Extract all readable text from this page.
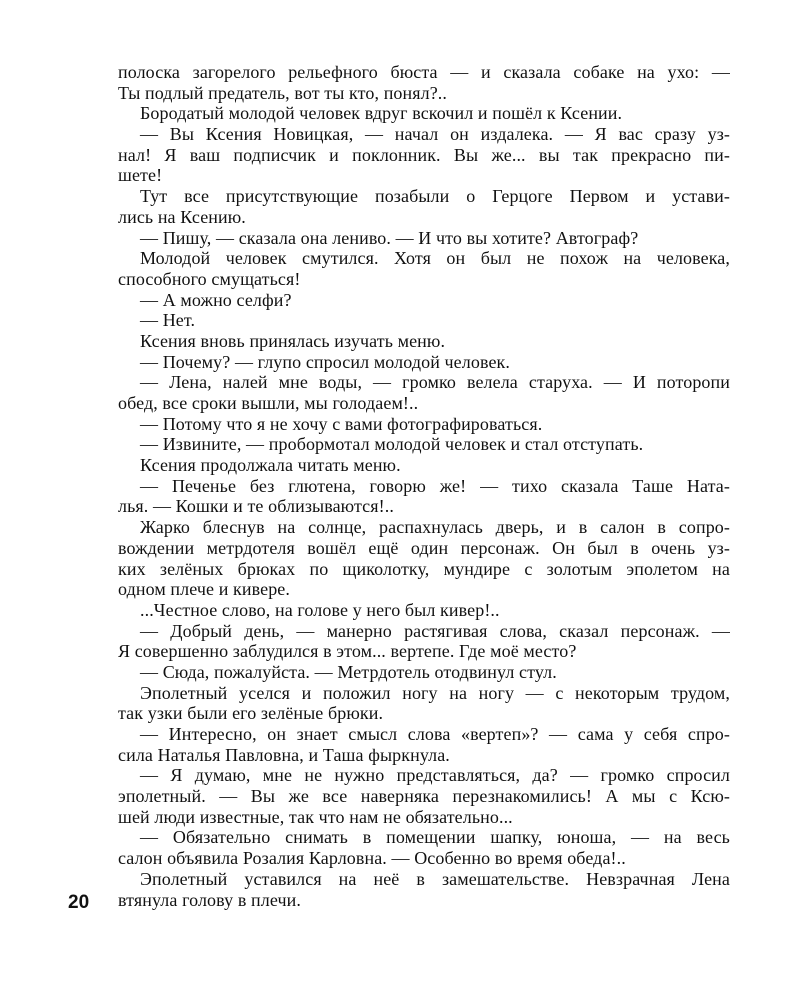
полоска загорелого рельефного бюста — и сказала собаке на ухо: —
Ты подлый предатель, вот ты кто, понял?..
Бородатый молодой человек вдруг вскочил и пошёл к Ксении.
— Вы Ксения Новицкая, — начал он издалека. — Я вас сразу уз-
нал! Я ваш подписчик и поклонник. Вы же... вы так прекрасно пи-
шете!
Тут все присутствующие позабыли о Герцоге Первом и устави-
лись на Ксению.
— Пишу, — сказала она лениво. — И что вы хотите? Автограф?
Молодой человек смутился. Хотя он был не похож на человека,
способного смущаться!
— А можно селфи?
— Нет.
Ксения вновь принялась изучать меню.
— Почему? — глупо спросил молодой человек.
— Лена, налей мне воды, — громко велела старуха. — И поторопи
обед, все сроки вышли, мы голодаем!..
— Потому что я не хочу с вами фотографироваться.
— Извините, — пробормотал молодой человек и стал отступать.
Ксения продолжала читать меню.
— Печенье без глютена, говорю же! — тихо сказала Таше Ната-
лья. — Кошки и те облизываются!..
Жарко блеснув на солнце, распахнулась дверь, и в салон в сопро-
вождении метрдотеля вошёл ещё один персонаж. Он был в очень уз-
ких зелёных брюках по щиколотку, мундире с золотым эполетом на
одном плече и кивере.
...Честное слово, на голове у него был кивер!..
— Добрый день, — манерно растягивая слова, сказал персонаж. —
Я совершенно заблудился в этом... вертепе. Где моё место?
— Сюда, пожалуйста. — Метрдотель отодвинул стул.
Эполетный уселся и положил ногу на ногу — с некоторым трудом,
так узки были его зелёные брюки.
— Интересно, он знает смысл слова «вертеп»? — сама у себя спро-
сила Наталья Павловна, и Таша фыркнула.
— Я думаю, мне не нужно представляться, да? — громко спросил
эполетный. — Вы же все наверняка перезнакомились! А мы с Ксю-
шей люди известные, так что нам не обязательно...
— Обязательно снимать в помещении шапку, юноша, — на весь
салон объявила Розалия Карловна. — Особенно во время обеда!..
Эполетный уставился на неё в замешательстве. Невзрачная Лена
втянула голову в плечи.
20
